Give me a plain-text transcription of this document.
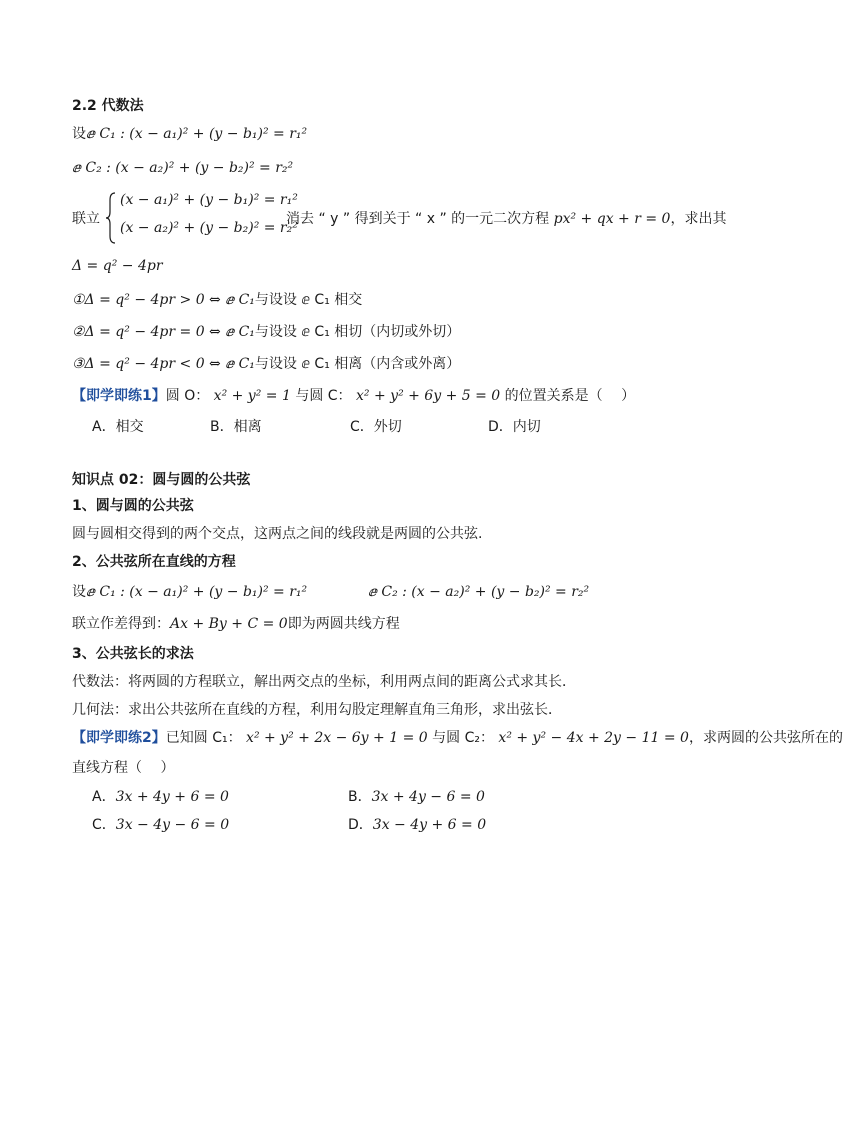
2.2 代数法
设ⅇ C₁ : (x − a₁)² + (y − b₁)² = r₁²
ⅇ C₂ : (x − a₂)² + (y − b₂)² = r₂²
联立
(x − a₁)² + (y − b₁)² = r₁²
(x − a₂)² + (y − b₂)² = r₂²
消去 “ y ” 得到关于 “ x ” 的一元二次方程 px² + qx + r = 0，求出其
Δ = q² − 4pr
①Δ = q² − 4pr > 0 ⇔ ⅇ C₁与设设 ⅇ C₁ 相交
②Δ = q² − 4pr = 0 ⇔ ⅇ C₁与设设 ⅇ C₁ 相切（内切或外切）
③Δ = q² − 4pr < 0 ⇔ ⅇ C₁与设设 ⅇ C₁ 相离（内含或外离）
【即学即练1】圆 O： x² + y² = 1 与圆 C： x² + y² + 6y + 5 = 0 的位置关系是（　 ）
A．相交	B．相离	C．外切	D．内切
知识点 02：圆与圆的公共弦
1、圆与圆的公共弦
圆与圆相交得到的两个交点，这两点之间的线段就是两圆的公共弦.
2、公共弦所在直线的方程
设ⅇ C₁ : (x − a₁)² + (y − b₁)² = r₁²	ⅇ C₂ : (x − a₂)² + (y − b₂)² = r₂²
联立作差得到：Ax + By + C = 0即为两圆共线方程
3、公共弦长的求法
代数法：将两圆的方程联立，解出两交点的坐标，利用两点间的距离公式求其长．
几何法：求出公共弦所在直线的方程，利用勾股定理解直角三角形，求出弦长．
【即学即练2】已知圆 C₁： x² + y² + 2x − 6y + 1 = 0 与圆 C₂： x² + y² − 4x + 2y − 11 = 0，求两圆的公共弦所在的
直线方程（　 ）
A．3x + 4y + 6 = 0	B．3x + 4y − 6 = 0
C．3x − 4y − 6 = 0	D．3x − 4y + 6 = 0
